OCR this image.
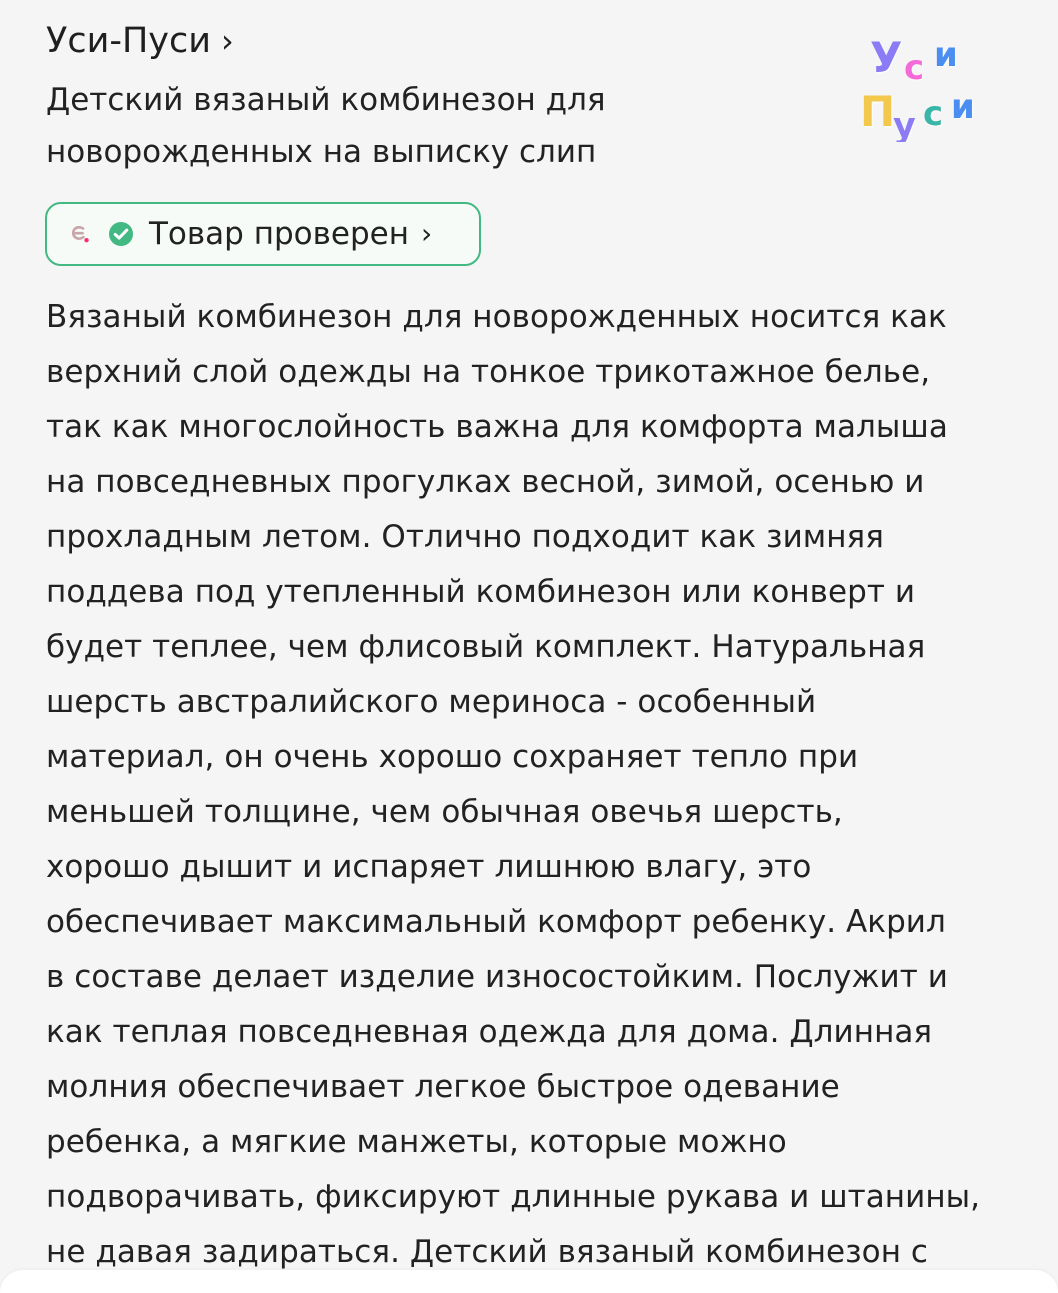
Уси-Пуси ›
Детский вязаный комбинезон для
новорожденных на выписку слип
У с и
П
у с и
Товар проверен ›

Вязаный комбинезон для новорожденных носится как

верхний слой одежды на тонкое трикотажное белье,

так как многослойность важна для комфорта малыша

на повседневных прогулках весной, зимой, осенью и

прохладным летом. Отлично подходит как зимняя

поддева под утепленный комбинезон или конверт и

будет теплее, чем флисовый комплект. Натуральная

шерсть австралийского мериноса - особенный

материал, он очень хорошо сохраняет тепло при

меньшей толщине, чем обычная овечья шерсть,

хорошо дышит и испаряет лишнюю влагу, это

обеспечивает максимальный комфорт ребенку. Акрил

в составе делает изделие износостойким. Послужит и

как теплая повседневная одежда для дома. Длинная

молния обеспечивает легкое быстрое одевание

ребенка, а мягкие манжеты, которые можно

подворачивать, фиксируют длинные рукава и штанины,

не давая задираться. Детский вязаный комбинезон с
